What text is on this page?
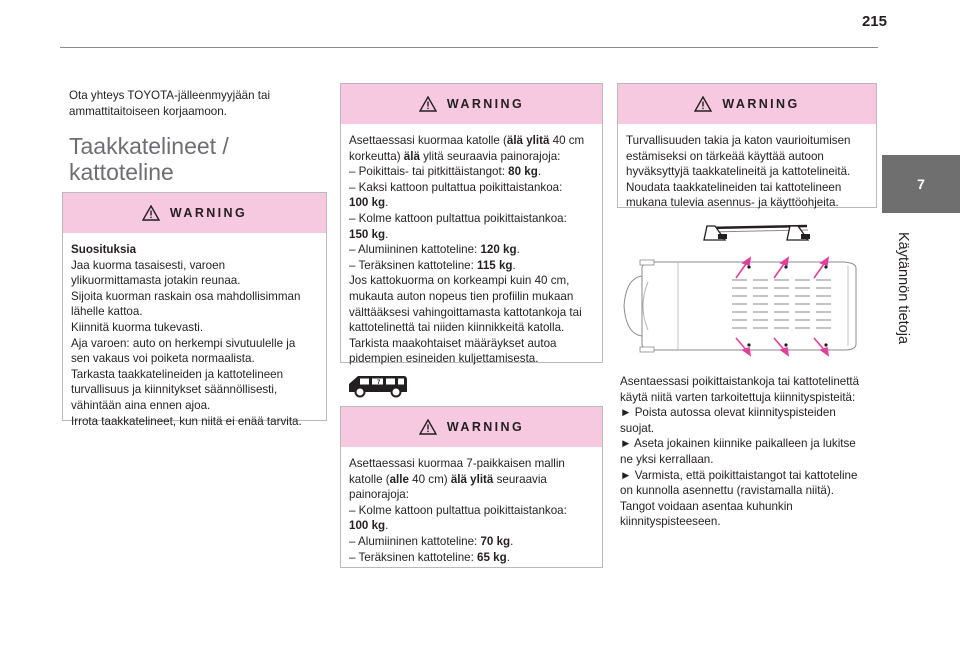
215
7
Käytännön tietoja
Ota yhteys TOYOTA-jälleenmyyjään tai
ammattitaitoiseen korjaamoon.
Taakkatelineet /
kattoteline
WARNING
Suosituksia
Jaa kuorma tasaisesti, varoen
ylikuormittamasta jotakin reunaa.
Sijoita kuorman raskain osa mahdollisimman
lähelle kattoa.
Kiinnitä kuorma tukevasti.
Aja varoen: auto on herkempi sivutuulelle ja
sen vakaus voi poiketa normaalista.
Tarkasta taakkatelineiden ja kattotelineen
turvallisuus ja kiinnitykset säännöllisesti,
vähintään aina ennen ajoa.
Irrota taakkatelineet, kun niitä ei enää tarvita.
WARNING
Asettaessasi kuormaa katolle (älä ylitä 40 cm
korkeutta) älä ylitä seuraavia painorajoja:
– Poikittais- tai pitkittäistangot: 80 kg.
– Kaksi kattoon pultattua poikittaistankoa:
100 kg.
– Kolme kattoon pultattua poikittaistankoa:
150 kg.
– Alumiininen kattoteline: 120 kg.
– Teräksinen kattoteline: 115 kg.
Jos kattokuorma on korkeampi kuin 40 cm,
mukauta auton nopeus tien profiilin mukaan
välttääksesi vahingoittamasta kattotankoja tai
kattotelinettä tai niiden kiinnikkeitä katolla.
Tarkista maakohtaiset määräykset autoa
pidempien esineiden kuljettamisesta.
7
WARNING
Asettaessasi kuormaa 7-paikkaisen mallin
katolle (alle 40 cm) älä ylitä seuraavia
painorajoja:
– Kolme kattoon pultattua poikittaistankoa:
100 kg.
– Alumiininen kattoteline: 70 kg.
– Teräksinen kattoteline: 65 kg.
WARNING
Turvallisuuden takia ja katon vaurioitumisen
estämiseksi on tärkeää käyttää autoon
hyväksyttyjä taakkatelineitä ja kattotelineitä.
Noudata taakkatelineiden tai kattotelineen
mukana tulevia asennus- ja käyttöohjeita.
Asentaessasi poikittaistankoja tai kattotelinettä
käytä niitä varten tarkoitettuja kiinnityspisteitä:
► Poista autossa olevat kiinnityspisteiden
suojat.
► Aseta jokainen kiinnike paikalleen ja lukitse
ne yksi kerrallaan.
► Varmista, että poikittaistangot tai kattoteline
on kunnolla asennettu (ravistamalla niitä).
Tangot voidaan asentaa kuhunkin
kiinnityspisteeseen.
